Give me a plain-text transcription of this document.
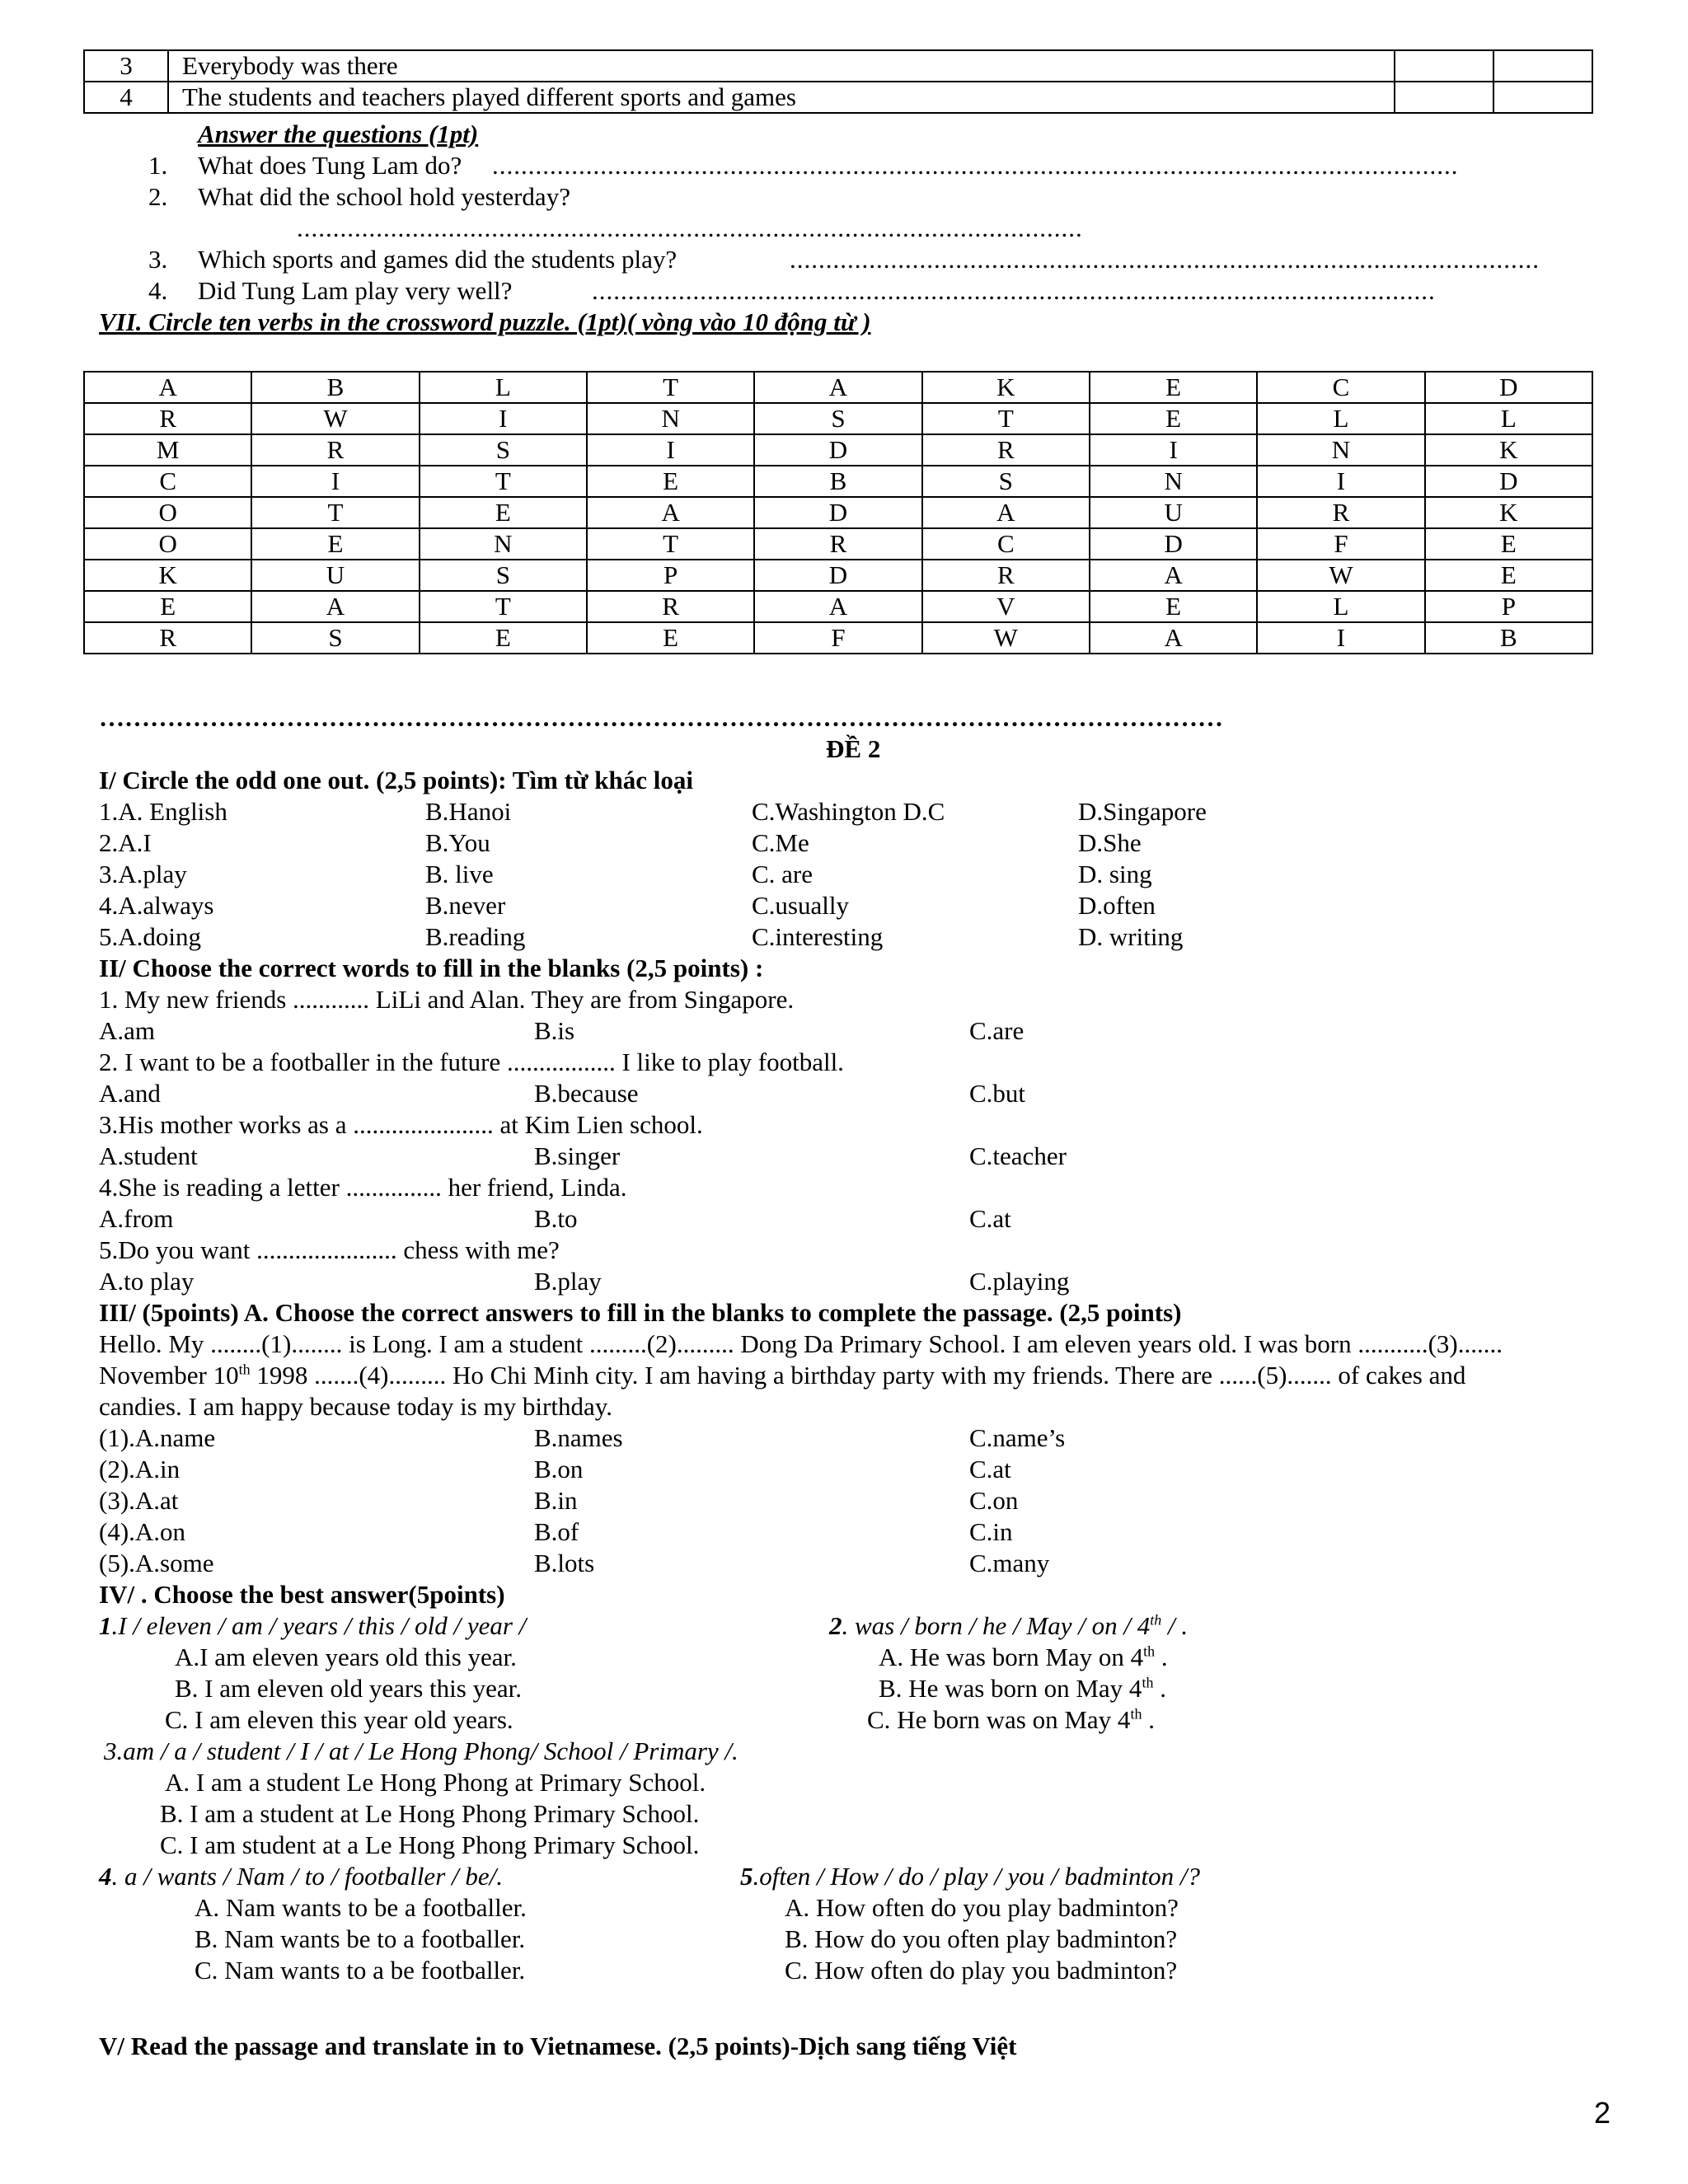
3	Everybody was there		
4	The students and teachers played different sports and games		
Answer the questions (1pt)
1. What does Tung Lam do? ......................................................................................................................................
2. What did the school hold yesterday?
.............................................................................................................
3. Which sports and games did the students play?	........................................................................................................
4. Did Tung Lam play very well?	.....................................................................................................................
VII. Circle ten verbs in the crossword puzzle. (1pt)( vòng vào 10 động từ )
A	B	L	T	A	K	E	C	D
R	W	I	N	S	T	E	L	L
M	R	S	I	D	R	I	N	K
C	I	T	E	B	S	N	I	D
O	T	E	A	D	A	U	R	K
O	E	N	T	R	C	D	F	E
K	U	S	P	D	R	A	W	E
E	A	T	R	A	V	E	L	P
R	S	E	E	F	W	A	I	B
……………………………………………………………………………………………………………………
ĐỀ 2
I/ Circle the odd one out. (2,5 points): Tìm từ khác loại
1.A. English	B.Hanoi	C.Washington D.C	D.Singapore
2.A.I	B.You	C.Me	D.She
3.A.play	B. live	C. are	D. sing
4.A.always	B.never	C.usually	D.often
5.A.doing	B.reading	C.interesting	D. writing
II/ Choose the correct words to fill in the blanks (2,5 points) :
1. My new friends ............ LiLi and Alan. They are from Singapore.
A.am	B.is	C.are
2. I want to be a footballer in the future ................. I like to play football.
A.and	B.because	C.but
3.His mother works as a ...................... at Kim Lien school.
A.student	B.singer	C.teacher
4.She is reading a letter ............... her friend, Linda.
A.from	B.to	C.at
5.Do you want ...................... chess with me?
A.to play	B.play	C.playing
III/ (5points) A. Choose the correct answers to fill in the blanks to complete the passage. (2,5 points)
Hello. My ........(1)........ is Long. I am a student .........(2)......... Dong Da Primary School. I am eleven years old. I was born ...........(3).......
November 10th 1998 .......(4)......... Ho Chi Minh city. I am having a birthday party with my friends. There are ......(5)....... of cakes and
candies. I am happy because today is my birthday.
(1).A.name	B.names	C.name’s
(2).A.in	B.on	C.at
(3).A.at	B.in	C.on
(4).A.on	B.of	C.in
(5).A.some	B.lots	C.many
IV/ . Choose the best answer(5points)
1.I / eleven / am / years / this / old / year /
A.I am eleven years old this year.
B. I am eleven old years this year.
C. I am eleven this year old years.
2. was / born / he / May / on / 4th / .
A. He was born May on 4th .
B. He was born on May 4th .
C. He born was on May 4th .
3.am / a / student / I / at / Le Hong Phong/ School / Primary /.
A. I am a student Le Hong Phong at Primary School.
B. I am a student at Le Hong Phong Primary School.
C. I am student at a Le Hong Phong Primary School.
4. a / wants / Nam / to / footballer / be/.
A. Nam wants to be a footballer.
B. Nam wants be to a footballer.
C. Nam wants to a be footballer.
5.often / How / do / play / you / badminton /?
A. How often do you play badminton?
B. How do you often play badminton?
C. How often do play you badminton?
V/ Read the passage and translate in to Vietnamese. (2,5 points)-Dịch sang tiếng Việt
2
